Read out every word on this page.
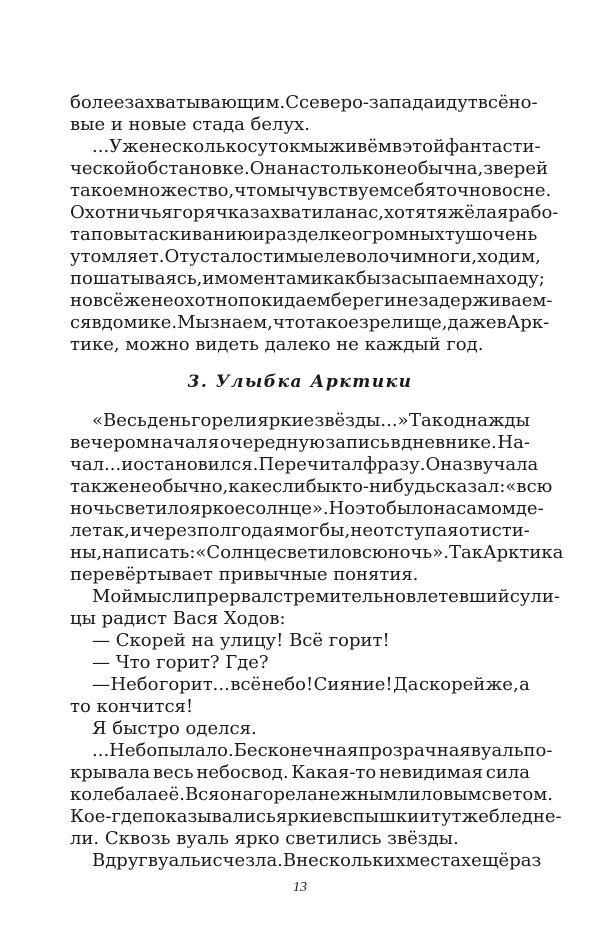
более захватывающим. С северо-запада идут всё но-
вые и новые стада белух.
...Уже несколько суток мы живём в этой фантасти-
ческой обстановке. Она настолько необычна, зверей
такое множество, что мы чувствуем себя точно во сне.
Охотничья горячка захватила нас, хотя тяжёлая рабо-
та по вытаскиванию и разделке огромных туш очень
утомляет. От усталости мы еле волочим ноги, ходим,
пошатываясь, и моментами как бы засыпаем на ходу;
но всё же неохотно покидаем берег и не задерживаем-
ся в домике. Мы знаем, что такое зрелище, даже в Арк-
тике, можно видеть далеко не каждый год.
3. Улыбка Арктики
«Весь день горели яркие звёзды...» Так однажды
вечером начал я очередную запись в дневнике. На-
чал... и остановился. Перечитал фразу. Она звучала
так же необычно, как если бы кто-нибудь сказал: «всю
ночь светило яркое солнце». Но это было на самом де-
ле так, и через полгода я мог бы, не отступая от исти-
ны, написать: «Солнце светило всю ночь». Так Арктика
перевёртывает привычные понятия.
Мой мысли прервал стремительно влетевший с ули-
цы радист Вася Ходов:
— Скорей на улицу! Всё горит!
— Что горит? Где?
— Небо горит... всё небо! Сияние! Да скорей же, а
то кончится!
Я быстро оделся.
...Небо пылало. Бесконечная прозрачная вуаль по-
крывала весь небосвод. Какая-то невидимая сила
колебала её. Вся она горела нежным лиловым светом.
Кое-где показывались яркие вспышки и тут же бледне-
ли. Сквозь вуаль ярко светились звёзды.
Вдруг вуаль исчезла. В нескольких местах ещё раз
13
